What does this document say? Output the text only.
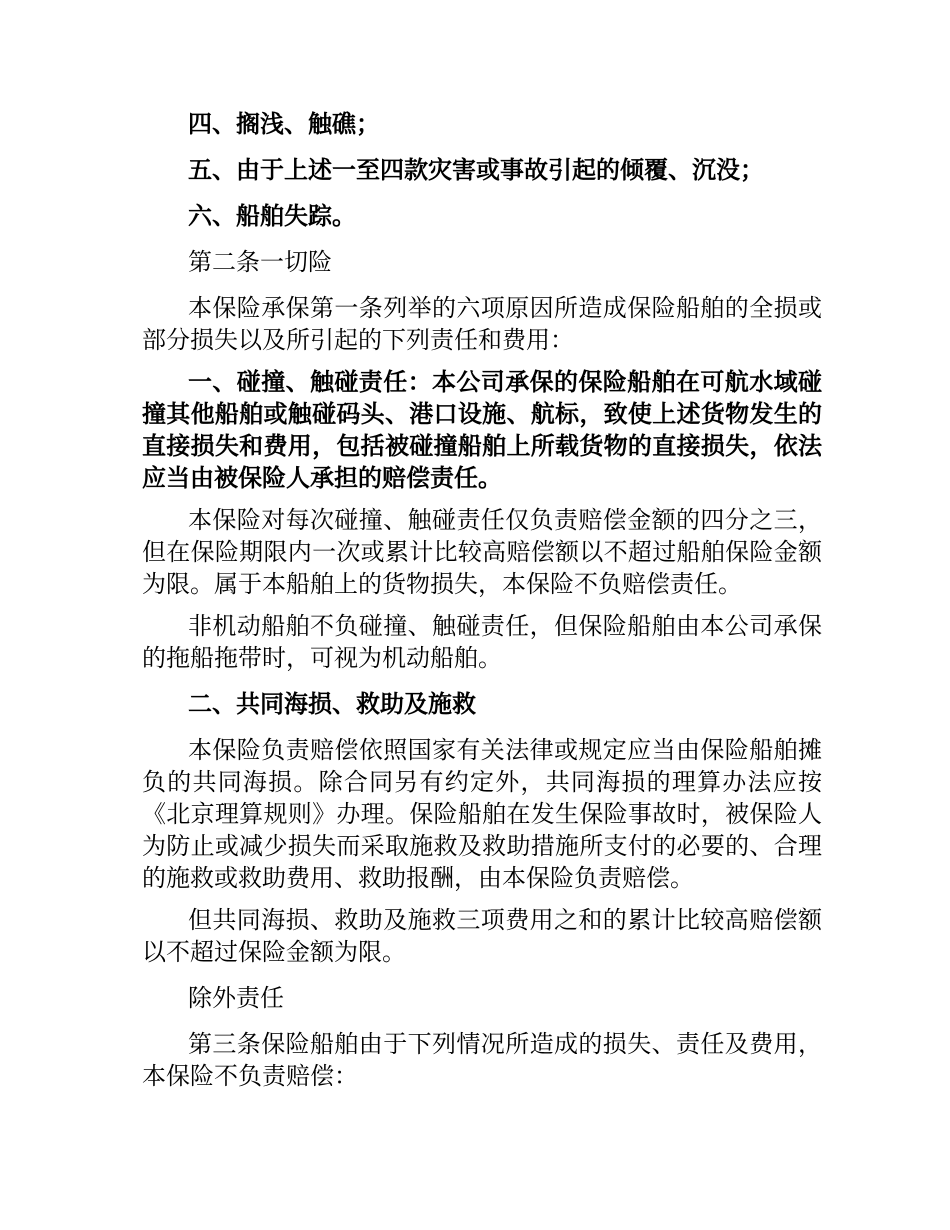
四、搁浅、触礁；

五、由于上述一至四款灾害或事故引起的倾覆、沉没；

六、船舶失踪。

第二条一切险

本保险承保第一条列举的六项原因所造成保险船舶的全损或部分损失以及所引起的下列责任和费用：

一、碰撞、触碰责任：本公司承保的保险船舶在可航水域碰撞其他船舶或触碰码头、港口设施、航标，致使上述货物发生的直接损失和费用，包括被碰撞船舶上所载货物的直接损失，依法应当由被保险人承担的赔偿责任。

本保险对每次碰撞、触碰责任仅负责赔偿金额的四分之三，但在保险期限内一次或累计比较高赔偿额以不超过船舶保险金额为限。属于本船舶上的货物损失，本保险不负赔偿责任。

非机动船舶不负碰撞、触碰责任，但保险船舶由本公司承保的拖船拖带时，可视为机动船舶。

二、共同海损、救助及施救

本保险负责赔偿依照国家有关法律或规定应当由保险船舶摊负的共同海损。除合同另有约定外，共同海损的理算办法应按《北京理算规则》办理。保险船舶在发生保险事故时，被保险人为防止或减少损失而采取施救及救助措施所支付的必要的、合理的施救或救助费用、救助报酬，由本保险负责赔偿。

但共同海损、救助及施救三项费用之和的累计比较高赔偿额以不超过保险金额为限。

除外责任

第三条保险船舶由于下列情况所造成的损失、责任及费用，本保险不负责赔偿：
